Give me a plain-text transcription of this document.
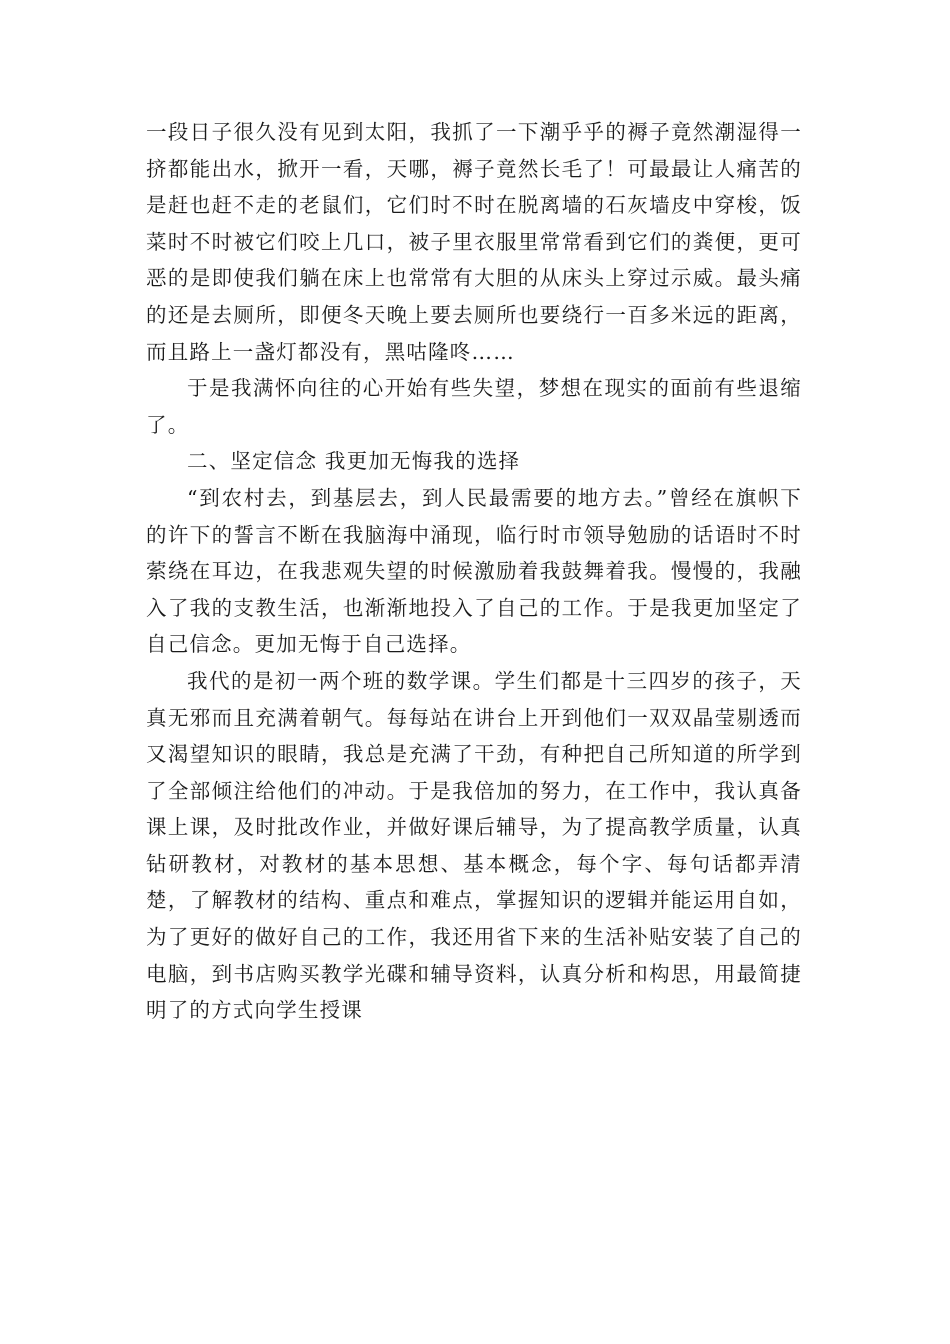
一段日子很久没有见到太阳，我抓了一下潮乎乎的褥子竟然潮湿得一挤都能出水，掀开一看，天哪，褥子竟然长毛了！可最最让人痛苦的是赶也赶不走的老鼠们，它们时不时在脱离墙的石灰墙皮中穿梭，饭菜时不时被它们咬上几口，被子里衣服里常常看到它们的粪便，更可恶的是即使我们躺在床上也常常有大胆的从床头上穿过示威。最头痛的还是去厕所，即便冬天晚上要去厕所也要绕行一百多米远的距离，而且路上一盏灯都没有，黑咕隆咚……

于是我满怀向往的心开始有些失望，梦想在现实的面前有些退缩了。

二、坚定信念 我更加无悔我的选择

“到农村去，到基层去，到人民最需要的地方去。”曾经在旗帜下的许下的誓言不断在我脑海中涌现，临行时市领导勉励的话语时不时萦绕在耳边，在我悲观失望的时候激励着我鼓舞着我。慢慢的，我融入了我的支教生活，也渐渐地投入了自己的工作。于是我更加坚定了自己信念。更加无悔于自己选择。

我代的是初一两个班的数学课。学生们都是十三四岁的孩子，天真无邪而且充满着朝气。每每站在讲台上开到他们一双双晶莹剔透而又渴望知识的眼睛，我总是充满了干劲，有种把自己所知道的所学到了全部倾注给他们的冲动。于是我倍加的努力，在工作中，我认真备课上课，及时批改作业，并做好课后辅导，为了提高教学质量，认真钻研教材，对教材的基本思想、基本概念，每个字、每句话都弄清楚，了解教材的结构、重点和难点，掌握知识的逻辑并能运用自如，为了更好的做好自己的工作，我还用省下来的生活补贴安装了自己的电脑，到书店购买教学光碟和辅导资料，认真分析和构思，用最简捷明了的方式向学生授课
